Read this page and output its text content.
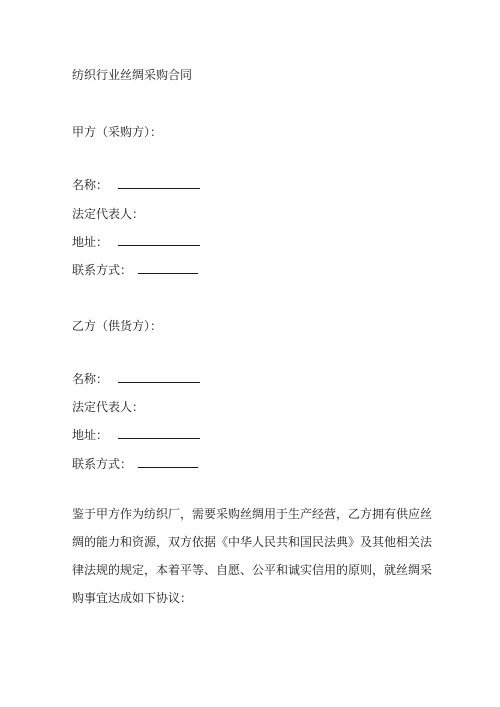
纺织行业丝绸采购合同
甲方（采购方）：
名称：
法定代表人：
地址：
联系方式：
乙方（供货方）：
名称：
法定代表人：
地址：
联系方式：
鉴于甲方作为纺织厂，需要采购丝绸用于生产经营，乙方拥有供应丝绸的能力和资源，双方依据《中华人民共和国民法典》及其他相关法律法规的规定，本着平等、自愿、公平和诚实信用的原则，就丝绸采购事宜达成如下协议：
